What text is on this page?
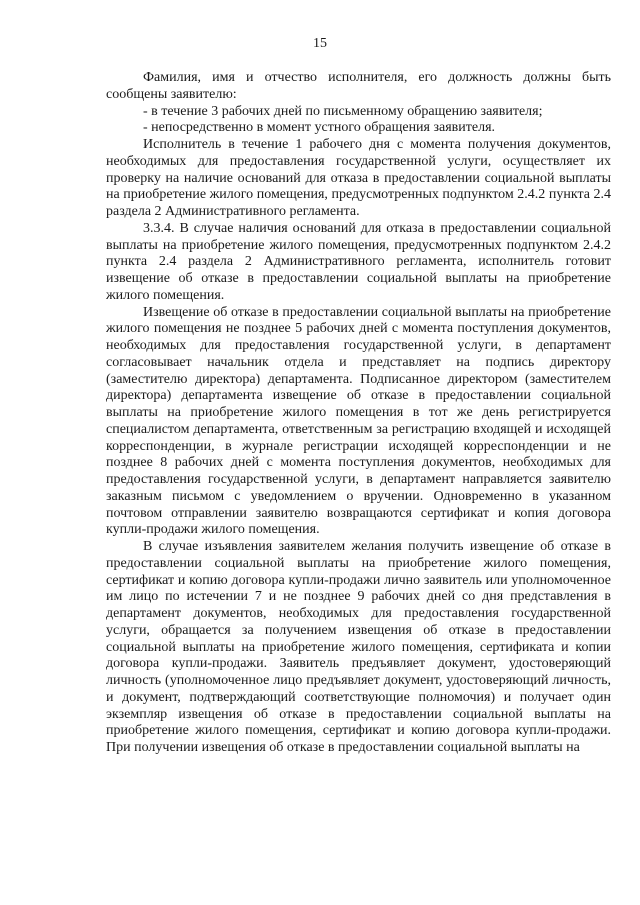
15

Фамилия, имя и отчество исполнителя, его должность должны быть сообщены заявителю:

- в течение 3 рабочих дней по письменному обращению заявителя;

- непосредственно в момент устного обращения заявителя.

Исполнитель в течение 1 рабочего дня с момента получения документов, необходимых для предоставления государственной услуги, осуществляет их проверку на наличие оснований для отказа в предоставлении социальной выплаты на приобретение жилого помещения, предусмотренных подпунктом 2.4.2 пункта 2.4 раздела 2 Административного регламента.

3.3.4. В случае наличия оснований для отказа в предоставлении социальной выплаты на приобретение жилого помещения, предусмотренных подпунктом 2.4.2 пункта 2.4 раздела 2 Административного регламента, исполнитель готовит извещение об отказе в предоставлении социальной выплаты на приобретение жилого помещения.

Извещение об отказе в предоставлении социальной выплаты на приобретение жилого помещения не позднее 5 рабочих дней с момента поступления документов, необходимых для предоставления государственной услуги, в департамент согласовывает начальник отдела и представляет на подпись директору (заместителю директора) департамента. Подписанное директором (заместителем директора) департамента извещение об отказе в предоставлении социальной выплаты на приобретение жилого помещения в тот же день регистрируется специалистом департамента, ответственным за регистрацию входящей и исходящей корреспонденции, в журнале регистрации исходящей корреспонденции и не позднее 8 рабочих дней с момента поступления документов, необходимых для предоставления государственной услуги, в департамент направляется заявителю заказным письмом с уведомлением о вручении. Одновременно в указанном почтовом отправлении заявителю возвращаются сертификат и копия договора купли-продажи жилого помещения.

В случае изъявления заявителем желания получить извещение об отказе в предоставлении социальной выплаты на приобретение жилого помещения, сертификат и копию договора купли-продажи лично заявитель или уполномоченное им лицо по истечении 7 и не позднее 9 рабочих дней со дня представления в департамент документов, необходимых для предоставления государственной услуги, обращается за получением извещения об отказе в предоставлении социальной выплаты на приобретение жилого помещения, сертификата и копии договора купли-продажи. Заявитель предъявляет документ, удостоверяющий личность (уполномоченное лицо предъявляет документ, удостоверяющий личность, и документ, подтверждающий соответствующие полномочия) и получает один экземпляр извещения об отказе в предоставлении социальной выплаты на приобретение жилого помещения, сертификат и копию договора купли-продажи. При получении извещения об отказе в предоставлении социальной выплаты на
